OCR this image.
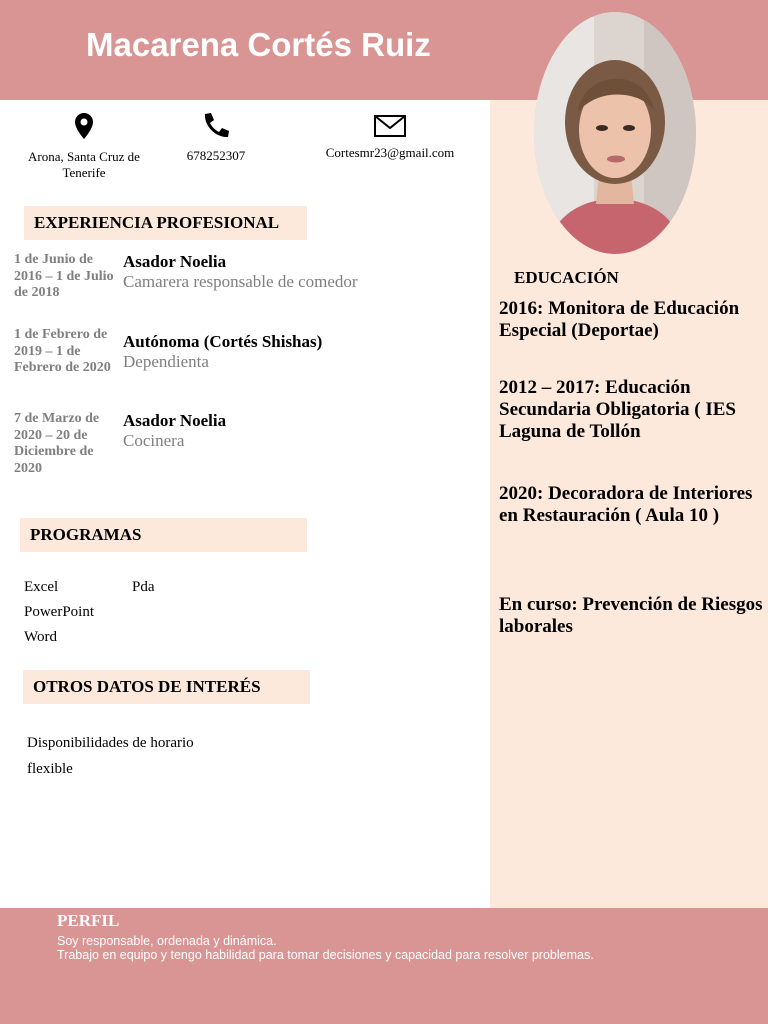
Macarena Cortés Ruiz
Arona, Santa Cruz de Tenerife
678252307	Cortesmr23@gmail.com
EXPERIENCIA PROFESIONAL
1 de Junio de 2016 – 1 de Julio de 2018
Asador Noelia
Camarera responsable de comedor
1 de Febrero de 2019 – 1 de Febrero de 2020
Autónoma (Cortés Shishas)
Dependienta
7 de Marzo de 2020 – 20 de Diciembre de 2020
Asador Noelia
Cocinera
PROGRAMAS
Excel	Pda
PowerPoint
Word
OTROS DATOS DE INTERÉS
Disponibilidades de horario
flexible
EDUCACIÓN
2016: Monitora de Educación Especial (Deportae)
2012 – 2017: Educación Secundaria Obligatoria ( IES Laguna de Tollón
2020: Decoradora de Interiores en Restauración ( Aula 10 )
En curso: Prevención de Riesgos laborales
PERFIL
Soy responsable, ordenada y dinámica.
Trabajo en equipo y tengo habilidad para tomar decisiones y capacidad para resolver problemas.
